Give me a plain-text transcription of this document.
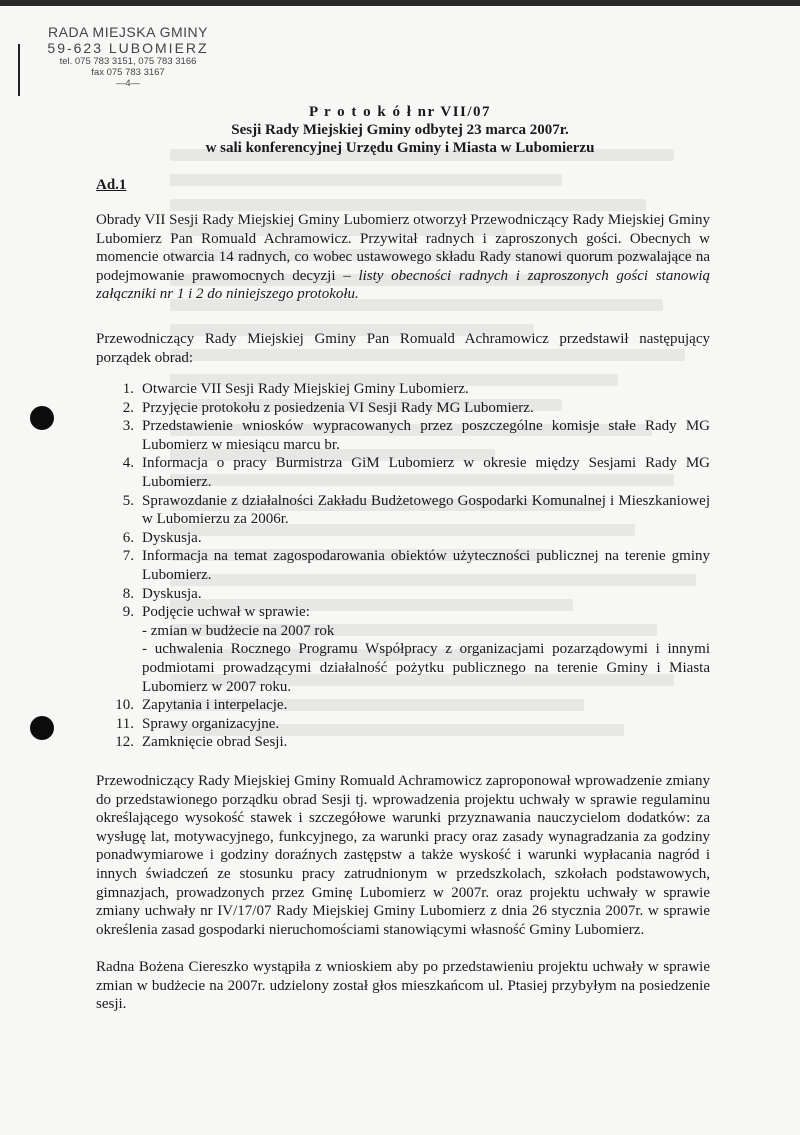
RADA MIEJSKA GMINY
59-623 LUBOMIERZ
tel. 075 783 3151, 075 783 3166
fax 075 783 3167
—4—
P r o t o k ó ł nr VII/07
Sesji Rady Miejskiej Gminy odbytej 23 marca 2007r.
w sali konferencyjnej Urzędu Gminy i Miasta w Lubomierzu
Ad.1
Obrady VII Sesji Rady Miejskiej Gminy Lubomierz otworzył Przewodniczący Rady Miejskiej Gminy Lubomierz Pan Romuald Achramowicz. Przywitał radnych i zaproszonych gości. Obecnych w momencie otwarcia 14 radnych, co wobec ustawowego składu Rady stanowi quorum pozwalające na podejmowanie prawomocnych decyzji – listy obecności radnych i zaproszonych gości stanowią załączniki nr 1 i 2 do niniejszego protokołu.
Przewodniczący Rady Miejskiej Gminy Pan Romuald Achramowicz przedstawił następujący porządek obrad:
1. Otwarcie VII Sesji Rady Miejskiej Gminy Lubomierz.
2. Przyjęcie protokołu z posiedzenia VI Sesji Rady MG Lubomierz.
3. Przedstawienie wniosków wypracowanych przez poszczególne komisje stałe Rady MG Lubomierz w miesiącu marcu br.
4. Informacja o pracy Burmistrza GiM Lubomierz w okresie między Sesjami Rady MG Lubomierz.
5. Sprawozdanie z działalności Zakładu Budżetowego Gospodarki Komunalnej i Mieszkaniowej w Lubomierzu za 2006r.
6. Dyskusja.
7. Informacja na temat zagospodarowania obiektów użyteczności publicznej na terenie gminy Lubomierz.
8. Dyskusja.
9. Podjęcie uchwał w sprawie:
- zmian w budżecie na 2007 rok
- uchwalenia Rocznego Programu Współpracy z organizacjami pozarządowymi i innymi podmiotami prowadzącymi działalność pożytku publicznego na terenie Gminy i Miasta Lubomierz w 2007 roku.
10. Zapytania i interpelacje.
11. Sprawy organizacyjne.
12. Zamknięcie obrad Sesji.
Przewodniczący Rady Miejskiej Gminy Romuald Achramowicz zaproponował wprowadzenie zmiany do przedstawionego porządku obrad Sesji tj. wprowadzenia projektu uchwały w sprawie regulaminu określającego wysokość stawek i szczegółowe warunki przyznawania nauczycielom dodatków: za wysługę lat, motywacyjnego, funkcyjnego, za warunki pracy oraz zasady wynagradzania za godziny ponadwymiarowe i godziny doraźnych zastępstw a także wyskość i warunki wypłacania nagród i innych świadczeń ze stosunku pracy zatrudnionym w przedszkolach, szkołach podstawowych, gimnazjach, prowadzonych przez Gminę Lubomierz w 2007r. oraz projektu uchwały w sprawie zmiany uchwały nr IV/17/07 Rady Miejskiej Gminy Lubomierz z dnia 26 stycznia 2007r. w sprawie określenia zasad gospodarki nieruchomościami stanowiącymi własność Gminy Lubomierz.
Radna Bożena Ciereszko wystąpiła z wnioskiem aby po przedstawieniu projektu uchwały w sprawie zmian w budżecie na 2007r. udzielony został głos mieszkańcom ul. Ptasiej przybyłym na posiedzenie sesji.
